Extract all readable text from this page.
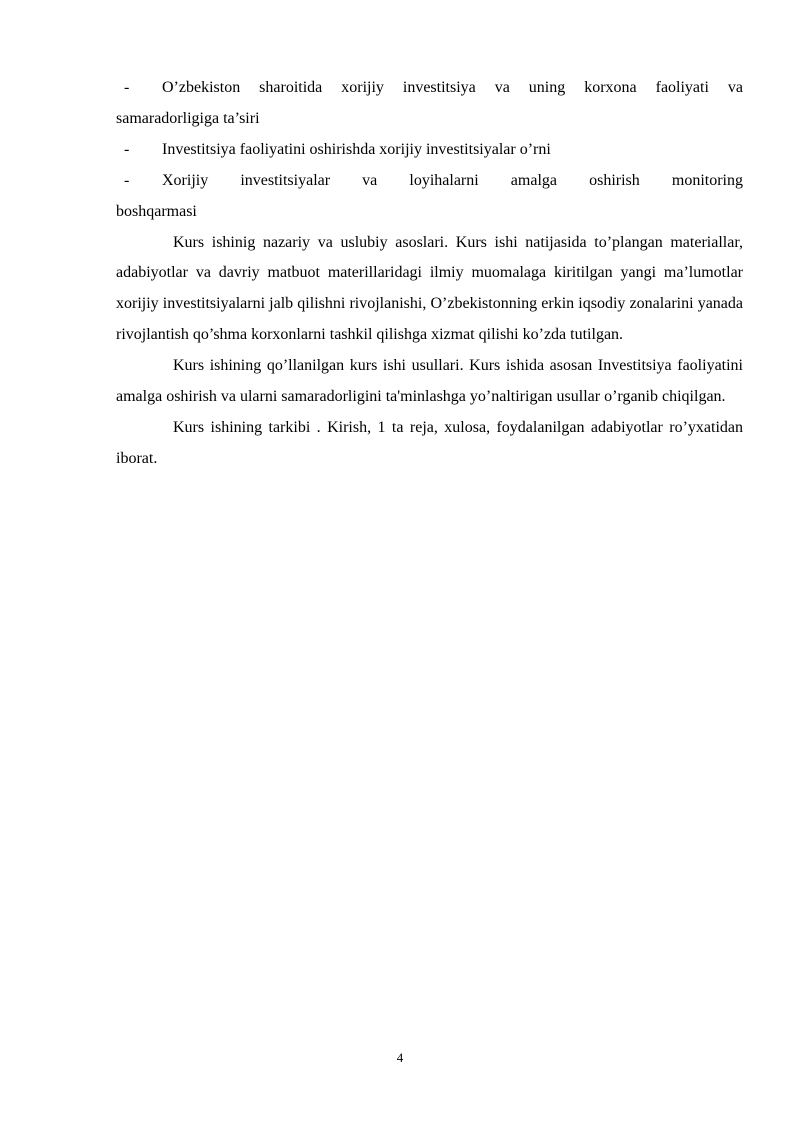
- O’zbekiston sharoitida xorijiy investitsiya va uning korxona faoliyati va
samaradorligiga ta’siri

- Investitsiya faoliyatini oshirishda xorijiy investitsiyalar o’rni

- Xorijiy investitsiyalar va loyihalarni amalga oshirish monitoring
boshqarmasi

Kurs ishinig nazariy va uslubiy asoslari. Kurs ishi natijasida to’plangan materiallar, adabiyotlar va davriy matbuot materillaridagi ilmiy muomalaga kiritilgan yangi ma’lumotlar xorijiy investitsiyalarni jalb qilishni rivojlanishi, O’zbekistonning erkin iqsodiy zonalarini yanada rivojlantish qo’shma korxonlarni tashkil qilishga xizmat qilishi ko’zda tutilgan.

Kurs ishining qo’llanilgan kurs ishi usullari. Kurs ishida asosan Investitsiya faoliyatini amalga oshirish va ularni samaradorligini ta'minlashga yo’naltirigan usullar o’rganib chiqilgan.

Kurs ishining tarkibi . Kirish, 1 ta reja, xulosa, foydalanilgan adabiyotlar ro’yxatidan iborat.

4
